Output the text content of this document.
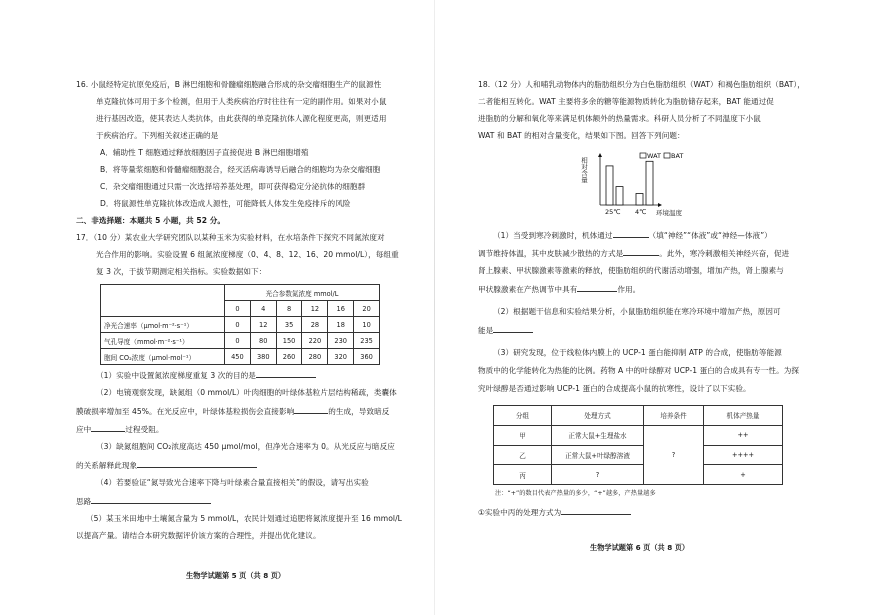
16. 小鼠经特定抗原免疫后，B 淋巴细胞和骨髓瘤细胞融合形成的杂交瘤细胞生产的鼠源性
单克隆抗体可用于多个检测，但用于人类疾病治疗时往往有一定的副作用。如果对小鼠
进行基因改造，使其表达人类抗体，由此获得的单克隆抗体人源化程度更高，则更适用
于疾病治疗。下列相关叙述正确的是
A．辅助性 T 细胞通过释放细胞因子直接促进 B 淋巴细胞增殖
B．将等量浆细胞和骨髓瘤细胞混合，经灭活病毒诱导后融合的细胞均为杂交瘤细胞
C．杂交瘤细胞通过只需一次选择培养基处理，即可获得稳定分泌抗体的细胞群
D．将鼠源性单克隆抗体改造成人源性，可能降低人体发生免疫排斥的风险
二、非选择题：本题共 5 小题，共 52 分。
17．（10 分）某农业大学研究团队以某种玉米为实验材料，在水培条件下探究不同氮浓度对
光合作用的影响。实验设置 6 组氮浓度梯度（0、4、8、12、16、20 mmol/L），每组重
复 3 次，于拔节期测定相关指标。实验数据如下：
	光合参数氮浓度 mmol/L					
	0	4	8	12	16	20
净光合速率（μmol·m⁻²·s⁻¹）	0	12	35	28	18	10
气孔导度（mmol·m⁻²·s⁻¹）	0	80	150	220	230	235
胞间 CO₂浓度（μmol·mol⁻¹）	450	380	260	280	320	360
（1）实验中设置氮浓度梯度重复 3 次的目的是
（2）电镜观察发现，缺氮组（0 mmol/L）叶肉细胞的叶绿体基粒片层结构稀疏，类囊体
膜破损率增加至 45%。在光反应中，叶绿体基粒损伤会直接影响	的生成，导致暗反
应中	过程受阻。
（3）缺氮组胞间 CO₂浓度高达 450 μmol/mol，但净光合速率为 0。从光反应与暗反应
的关系解释此现象
（4）若要验证“氮导致光合速率下降与叶绿素合量直接相关”的假设，请写出实验
思路
（5）某玉米田地中土壤氮含量为 5 mmol/L，农民计划通过追肥将氮浓度提升至 16 mmol/L
以提高产量。请结合本研究数据评价该方案的合理性，并提出优化建议。
生物学试题第 5 页（共 8 页）
18.（12 分）人和哺乳动物体内的脂肪组织分为白色脂肪组织（WAT）和褐色脂肪组织（BAT），
二者能相互转化。WAT 主要将多余的糖等能源物质转化为脂肪储存起来，BAT 能通过促
进脂肪的分解和氧化等来满足机体额外的热量需求。科研人员分析了不同温度下小鼠
WAT 和 BAT 的相对含量变化，结果如下图。回答下列问题：
（1）当受到寒冷刺激时，机体通过	（填“神经”“体液”或“神经—体液”）
调节维持体温，其中皮肤减少散热的方式是	。此外，寒冷刺激相关神经兴奋，促进
肾上腺素、甲状腺激素等激素的释放，使脂肪组织的代谢活动增强，增加产热，肾上腺素与
甲状腺激素在产热调节中具有	作用。
（2）根据题干信息和实验结果分析，小鼠脂肪组织能在寒冷环境中增加产热，原因可
能是
（3）研究发现，位于线粒体内膜上的 UCP-1 蛋白能抑制 ATP 的合成，使脂肪等能源
物质中的化学能转化为热能的比例。药物 A 中的叶绿醇对 UCP-1 蛋白的合成具有专一性。为探
究叶绿醇是否通过影响 UCP-1 蛋白的合成提高小鼠的抗寒性，设计了以下实验。
注：“+”的数目代表产热量的多少，“+”越多，产热量越多
①实验中丙的处理方式为
生物学试题第 6 页（共 8 页）
相对含量
25℃ 4℃ 环境温度
WAT BAT
分组	处理方式	培养条件	机体产热量
甲	正常大鼠+生理盐水	?	++
乙	正常大鼠+叶绿醇溶液		++++
丙	?		+
